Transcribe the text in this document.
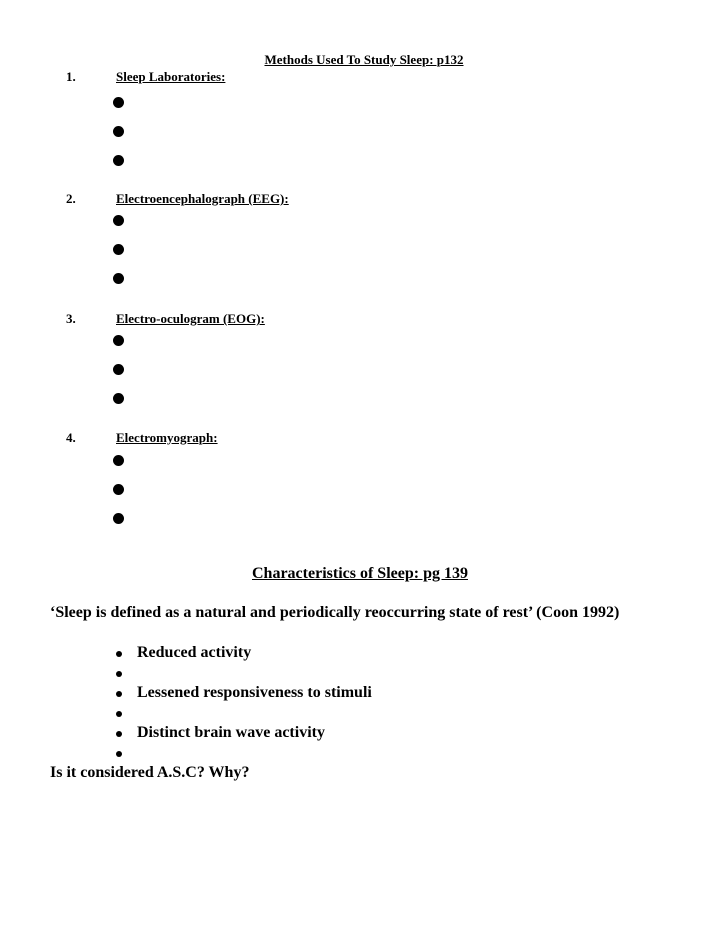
Methods Used To Study Sleep: p132
1.	Sleep Laboratories:
2.	Electroencephalograph (EEG):
3.	Electro-oculogram (EOG):
4.	Electromyograph:
Characteristics of Sleep: pg 139
‘Sleep is defined as a natural and periodically reoccurring state of rest’ (Coon 1992)
Reduced activity
Lessened responsiveness to stimuli
Distinct brain wave activity
Is it considered A.S.C? Why?
